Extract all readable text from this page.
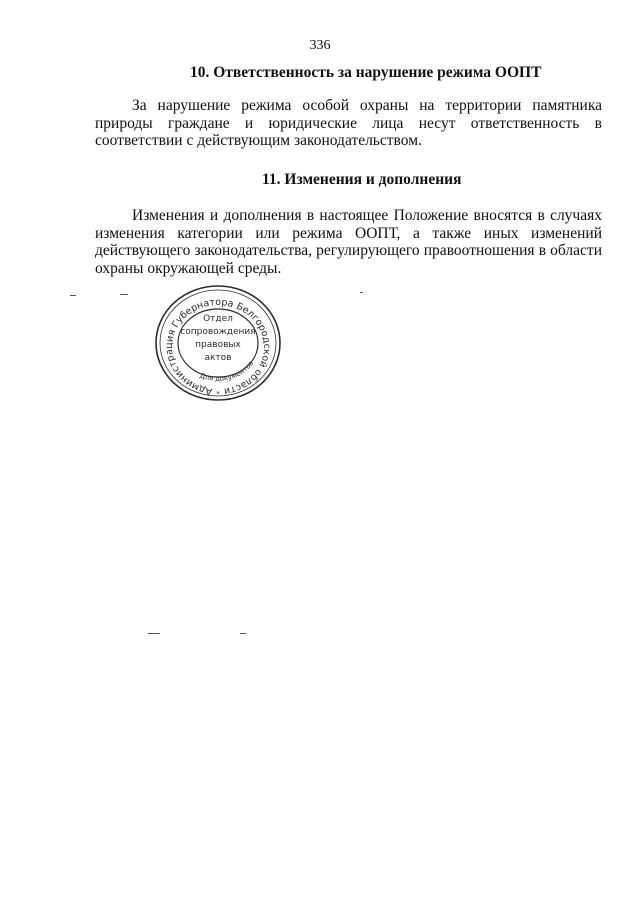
336
10. Ответственность за нарушение режима ООПТ

За нарушение режима особой охраны на территории памятника природы граждане и юридические лица несут ответственность в соответствии с действующим законодательством.

11. Изменения и дополнения

Изменения и дополнения в настоящее Положение вносятся в случаях изменения категории или режима ООПТ, а также иных изменений действующего законодательства, регулирующего правоотношения в области охраны окружающей среды.

Администрация Губернатора Белгородской области
Для документов
Отдел
сопровождения
правовых
актов
*
